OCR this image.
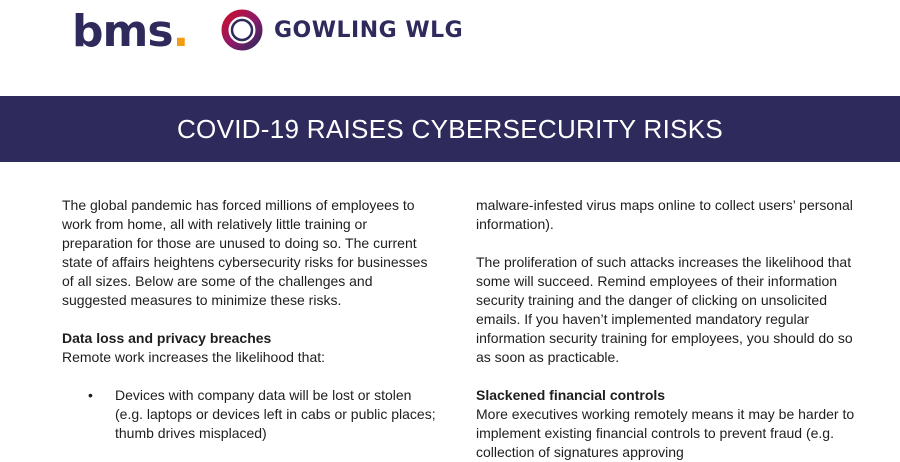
bms.	GOWLING WLG
COVID-19 RAISES CYBERSECURITY RISKS

The global pandemic has forced millions of employees to work from home, all with relatively little training or preparation for those are unused to doing so. The current state of affairs heightens cybersecurity risks for businesses of all sizes. Below are some of the challenges and suggested measures to minimize these risks.

Data loss and privacy breaches

Remote work increases the likelihood that:

• Devices with company data will be lost or stolen (e.g. laptops or devices left in cabs or public places; thumb drives misplaced)

malware-infested virus maps online to collect users’ personal information).

The proliferation of such attacks increases the likelihood that some will succeed. Remind employees of their information security training and the danger of clicking on unsolicited emails. If you haven’t implemented mandatory regular information security training for employees, you should do so as soon as practicable.

Slackened financial controls

More executives working remotely means it may be harder to implement existing financial controls to prevent fraud (e.g. collection of signatures approving
